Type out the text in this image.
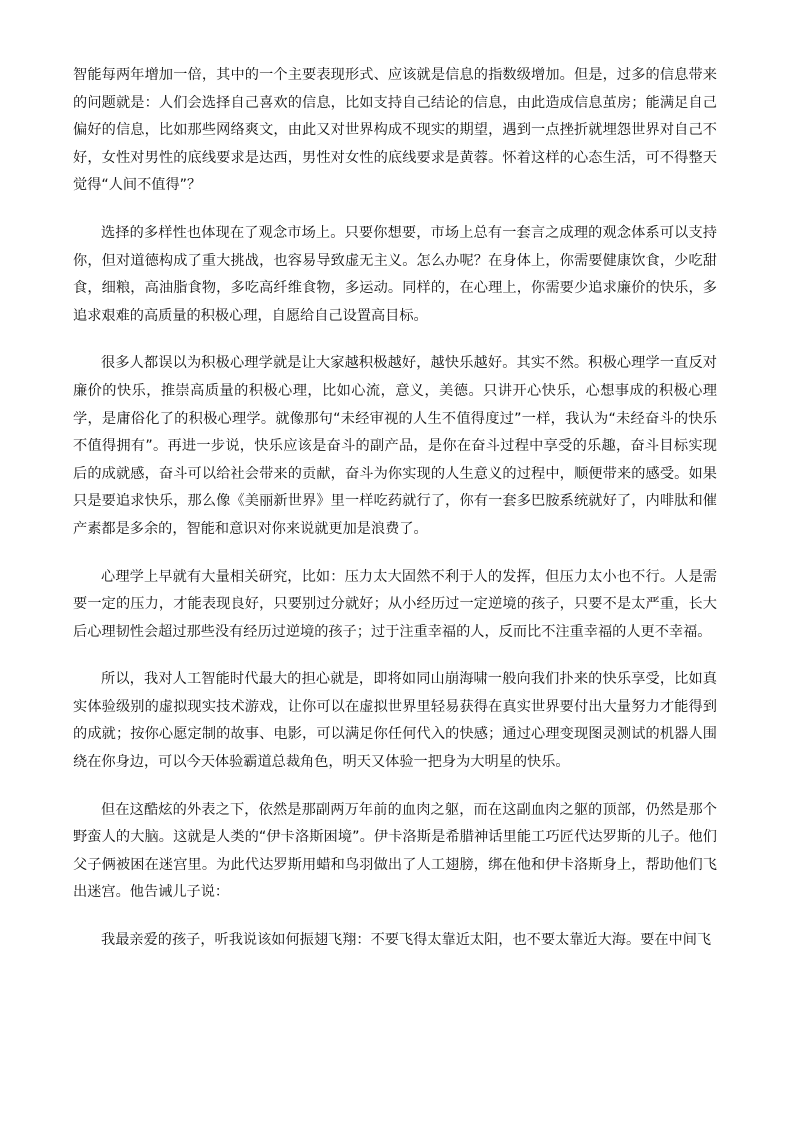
智能每两年增加一倍，其中的一个主要表现形式、应该就是信息的指数级增加。但是，过多的信息带来的问题就是：人们会选择自己喜欢的信息，比如支持自己结论的信息，由此造成信息茧房；能满足自己偏好的信息，比如那些网络爽文，由此又对世界构成不现实的期望，遇到一点挫折就埋怨世界对自己不好，女性对男性的底线要求是达西，男性对女性的底线要求是黄蓉。怀着这样的心态生活，可不得整天觉得“人间不值得”？

选择的多样性也体现在了观念市场上。只要你想要，市场上总有一套言之成理的观念体系可以支持你，但对道德构成了重大挑战，也容易导致虚无主义。怎么办呢？在身体上，你需要健康饮食，少吃甜食，细粮，高油脂食物，多吃高纤维食物，多运动。同样的，在心理上，你需要少追求廉价的快乐，多追求艰难的高质量的积极心理，自愿给自己设置高目标。

很多人都误以为积极心理学就是让大家越积极越好，越快乐越好。其实不然。积极心理学一直反对廉价的快乐，推崇高质量的积极心理，比如心流，意义，美德。只讲开心快乐，心想事成的积极心理学，是庸俗化了的积极心理学。就像那句“未经审视的人生不值得度过”一样，我认为“未经奋斗的快乐不值得拥有”。再进一步说，快乐应该是奋斗的副产品，是你在奋斗过程中享受的乐趣，奋斗目标实现后的成就感，奋斗可以给社会带来的贡献，奋斗为你实现的人生意义的过程中，顺便带来的感受。如果只是要追求快乐，那么像《美丽新世界》里一样吃药就行了，你有一套多巴胺系统就好了，内啡肽和催产素都是多余的，智能和意识对你来说就更加是浪费了。

心理学上早就有大量相关研究，比如：压力太大固然不利于人的发挥，但压力太小也不行。人是需要一定的压力，才能表现良好，只要别过分就好；从小经历过一定逆境的孩子，只要不是太严重，长大后心理韧性会超过那些没有经历过逆境的孩子；过于注重幸福的人，反而比不注重幸福的人更不幸福。

所以，我对人工智能时代最大的担心就是，即将如同山崩海啸一般向我们扑来的快乐享受，比如真实体验级别的虚拟现实技术游戏，让你可以在虚拟世界里轻易获得在真实世界要付出大量努力才能得到的成就；按你心愿定制的故事、电影，可以满足你任何代入的快感；通过心理变现图灵测试的机器人围绕在你身边，可以今天体验霸道总裁角色，明天又体验一把身为大明星的快乐。

但在这酷炫的外表之下，依然是那副两万年前的血肉之躯，而在这副血肉之躯的顶部，仍然是那个野蛮人的大脑。这就是人类的“伊卡洛斯困境”。伊卡洛斯是希腊神话里能工巧匠代达罗斯的儿子。他们父子俩被困在迷宫里。为此代达罗斯用蜡和鸟羽做出了人工翅膀，绑在他和伊卡洛斯身上，帮助他们飞出迷宫。他告诫儿子说：

我最亲爱的孩子，听我说该如何振翅飞翔：不要飞得太靠近太阳，也不要太靠近大海。要在中间飞
